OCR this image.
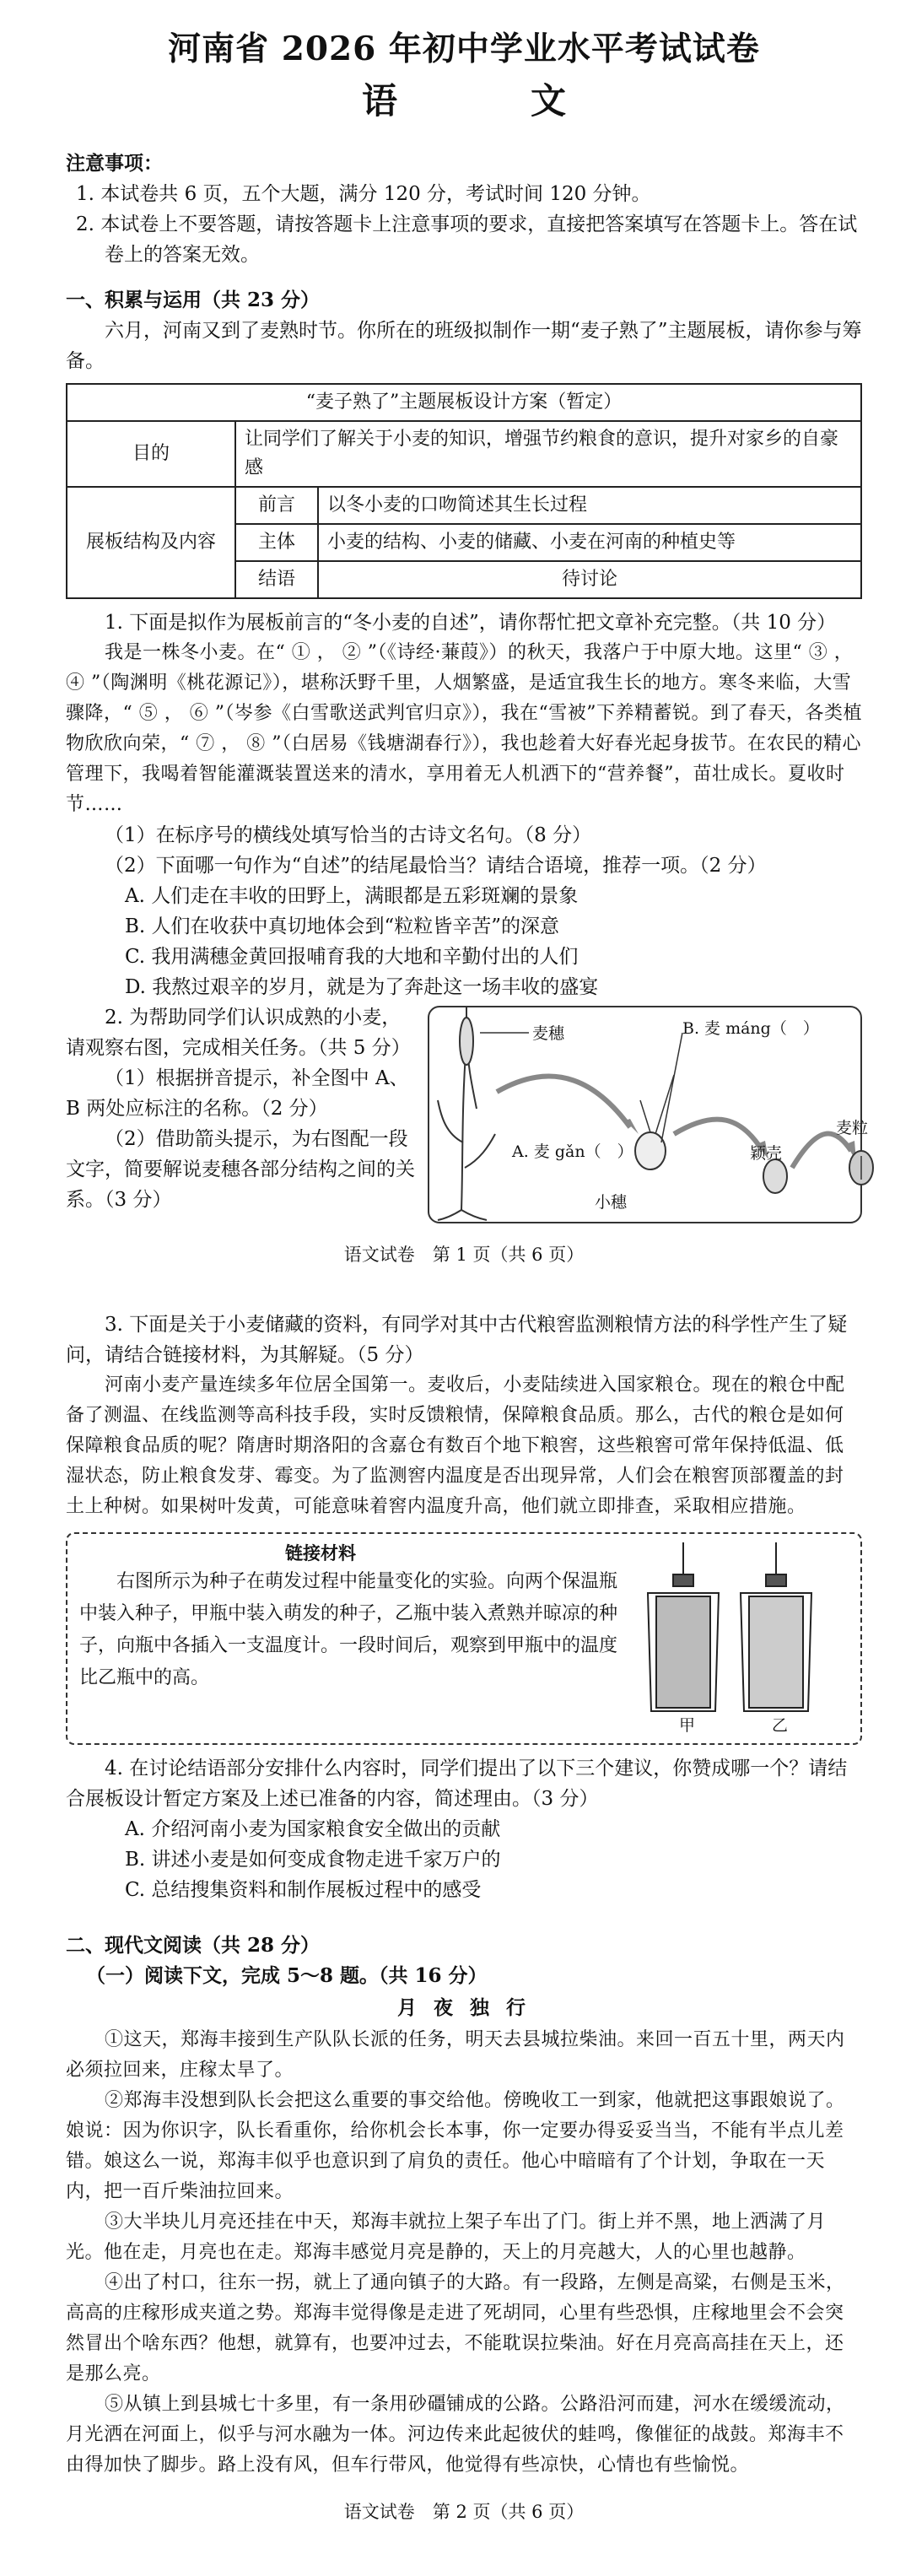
河南省 2026 年初中学业水平考试试卷
语　文
注意事项：
1. 本试卷共 6 页，五个大题，满分 120 分，考试时间 120 分钟。
2. 本试卷上不要答题，请按答题卡上注意事项的要求，直接把答案填写在答题卡上。答在试卷上的答案无效。
一、积累与运用（共 23 分）
六月，河南又到了麦熟时节。你所在的班级拟制作一期“麦子熟了”主题展板，请你参与筹备。
“麦子熟了”主题展板设计方案（暂定）		
目的	让同学们了解关于小麦的知识，增强节约粮食的意识，提升对家乡的自豪感	
展板结构及内容	前言	以冬小麦的口吻简述其生长过程
	主体	小麦的结构、小麦的储藏、小麦在河南的种植史等
	结语	待讨论
1. 下面是拟作为展板前言的“冬小麦的自述”，请你帮忙把文章补充完整。（共 10 分）
我是一株冬小麦。在“ ① ， ② ”（《诗经·蒹葭》）的秋天，我落户于中原大地。这里“ ③ ， ④ ”（陶渊明《桃花源记》），堪称沃野千里，人烟繁盛，是适宜我生长的地方。寒冬来临，大雪骤降，“ ⑤ ， ⑥ ”（岑参《白雪歌送武判官归京》），我在“雪被”下养精蓄锐。到了春天，各类植物欣欣向荣，“ ⑦ ， ⑧ ”（白居易《钱塘湖春行》），我也趁着大好春光起身拔节。在农民的精心管理下，我喝着智能灌溉装置送来的清水，享用着无人机洒下的“营养餐”，苗壮成长。夏收时节……
（1）在标序号的横线处填写恰当的古诗文名句。（8 分）
（2）下面哪一句作为“自述”的结尾最恰当？请结合语境，推荐一项。（2 分）
A. 人们走在丰收的田野上，满眼都是五彩斑斓的景象
B. 人们在收获中真切地体会到“粒粒皆辛苦”的深意
C. 我用满穗金黄回报哺育我的大地和辛勤付出的人们
D. 我熬过艰辛的岁月，就是为了奔赴这一场丰收的盛宴
2. 为帮助同学们认识成熟的小麦，请观察右图，完成相关任务。（共 5 分）
（1）根据拼音提示，补全图中 A、B 两处应标注的名称。（2 分）
（2）借助箭头提示，为右图配一段文字，简要解说麦穗各部分结构之间的关系。（3 分）
麦穗	B. 麦 máng（　）
A. 麦 gǎn（　）
小穗
颖壳
麦粒
语文试卷　第 1 页（共 6 页）
3. 下面是关于小麦储藏的资料，有同学对其中古代粮窖监测粮情方法的科学性产生了疑问，请结合链接材料，为其解疑。（5 分）
河南小麦产量连续多年位居全国第一。麦收后，小麦陆续进入国家粮仓。现在的粮仓中配备了测温、在线监测等高科技手段，实时反馈粮情，保障粮食品质。那么，古代的粮仓是如何保障粮食品质的呢？隋唐时期洛阳的含嘉仓有数百个地下粮窖，这些粮窖可常年保持低温、低湿状态，防止粮食发芽、霉变。为了监测窖内温度是否出现异常，人们会在粮窖顶部覆盖的封土上种树。如果树叶发黄，可能意味着窖内温度升高，他们就立即排查，采取相应措施。
链接材料
右图所示为种子在萌发过程中能量变化的实验。向两个保温瓶中装入种子，甲瓶中装入萌发的种子，乙瓶中装入煮熟并晾凉的种子，向瓶中各插入一支温度计。一段时间后，观察到甲瓶中的温度比乙瓶中的高。
甲	乙
4. 在讨论结语部分安排什么内容时，同学们提出了以下三个建议，你赞成哪一个？请结合展板设计暂定方案及上述已准备的内容，简述理由。（3 分）
A. 介绍河南小麦为国家粮食安全做出的贡献
B. 讲述小麦是如何变成食物走进千家万户的
C. 总结搜集资料和制作展板过程中的感受
二、现代文阅读（共 28 分）
（一）阅读下文，完成 5～8 题。（共 16 分）
月 夜 独 行
①这天，郑海丰接到生产队队长派的任务，明天去县城拉柴油。来回一百五十里，两天内必须拉回来，庄稼太旱了。
②郑海丰没想到队长会把这么重要的事交给他。傍晚收工一到家，他就把这事跟娘说了。娘说：因为你识字，队长看重你，给你机会长本事，你一定要办得妥妥当当，不能有半点儿差错。娘这么一说，郑海丰似乎也意识到了肩负的责任。他心中暗暗有了个计划，争取在一天内，把一百斤柴油拉回来。
③大半块儿月亮还挂在中天，郑海丰就拉上架子车出了门。街上并不黑，地上洒满了月光。他在走，月亮也在走。郑海丰感觉月亮是静的，天上的月亮越大，人的心里也越静。
④出了村口，往东一拐，就上了通向镇子的大路。有一段路，左侧是高粱，右侧是玉米，高高的庄稼形成夹道之势。郑海丰觉得像是走进了死胡同，心里有些恐惧，庄稼地里会不会突然冒出个啥东西？他想，就算有，也要冲过去，不能耽误拉柴油。好在月亮高高挂在天上，还是那么亮。
⑤从镇上到县城七十多里，有一条用砂礓铺成的公路。公路沿河而建，河水在缓缓流动，月光洒在河面上，似乎与河水融为一体。河边传来此起彼伏的蛙鸣，像催征的战鼓。郑海丰不由得加快了脚步。路上没有风，但车行带风，他觉得有些凉快，心情也有些愉悦。
语文试卷　第 2 页（共 6 页）
